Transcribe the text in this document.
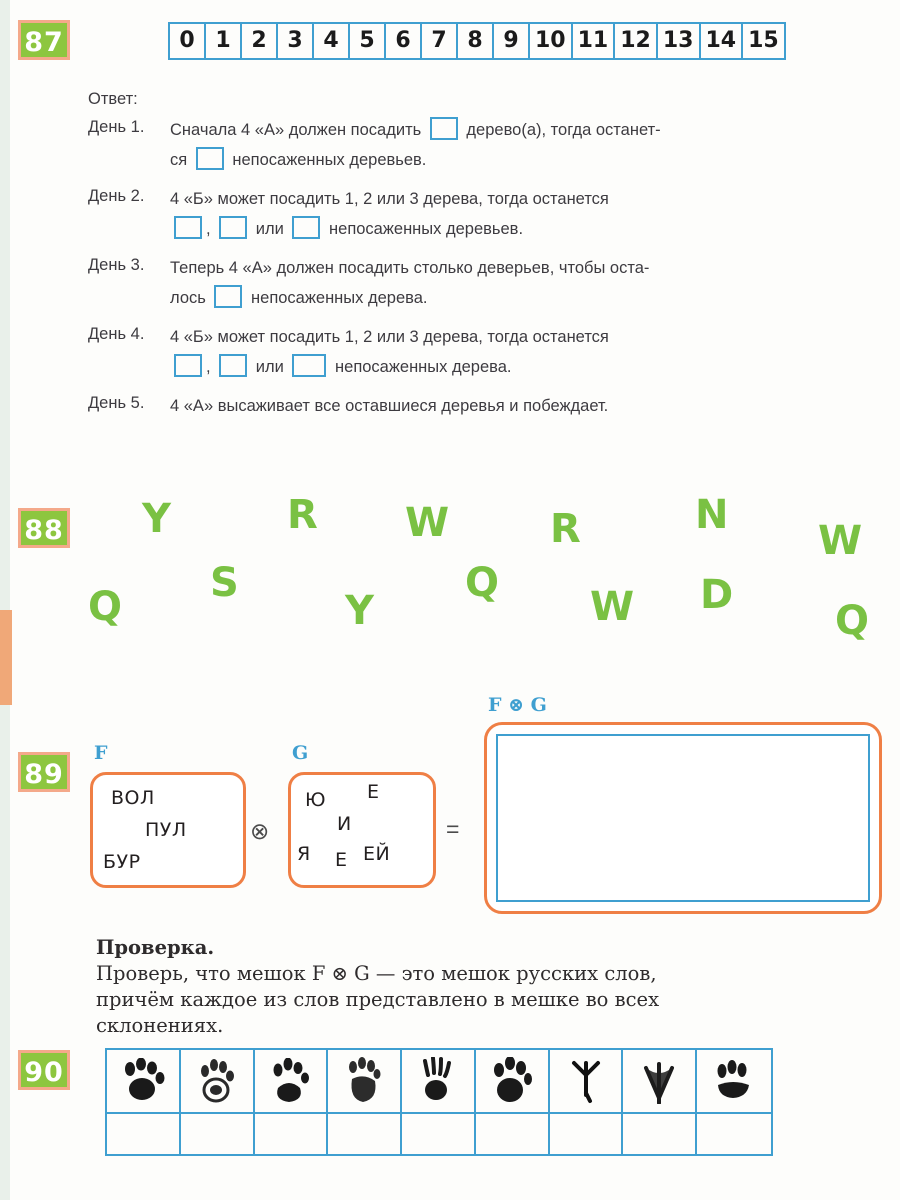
87	0 1 2 3 4 5 6 7 8 9 10 11 12 13 14 15
Ответ:
День 1.	Сначала 4 «А» должен посадить	дерево(а), тогда останет-
ся	непосаженных деревьев.
День 2.	4 «Б» может посадить 1, 2 или 3 дерева, тогда останется
,	или	непосаженных деревьев.
День 3.	Теперь 4 «А» должен посадить столько деверьев, чтобы оста-
лось	непосаженных дерева.
День 4.	4 «Б» может посадить 1, 2 или 3 дерева, тогда останется
,	или	непосаженных дерева.
День 5.	4 «А» высаживает все оставшиеся деревья и побеждает.
88 Y	R W	R	N
W
Q
S
Y
Q
W D
Q
89
F	G
F ⊗ G
ВОЛ
ПУЛ
БУР
⊗
Ю Е
И
Я Е ЕЙ
=
Проверка.
Проверь, что мешок F ⊗ G — это мешок русских слов,
причём каждое из слов представлено в мешке во всех
склонениях.
90
